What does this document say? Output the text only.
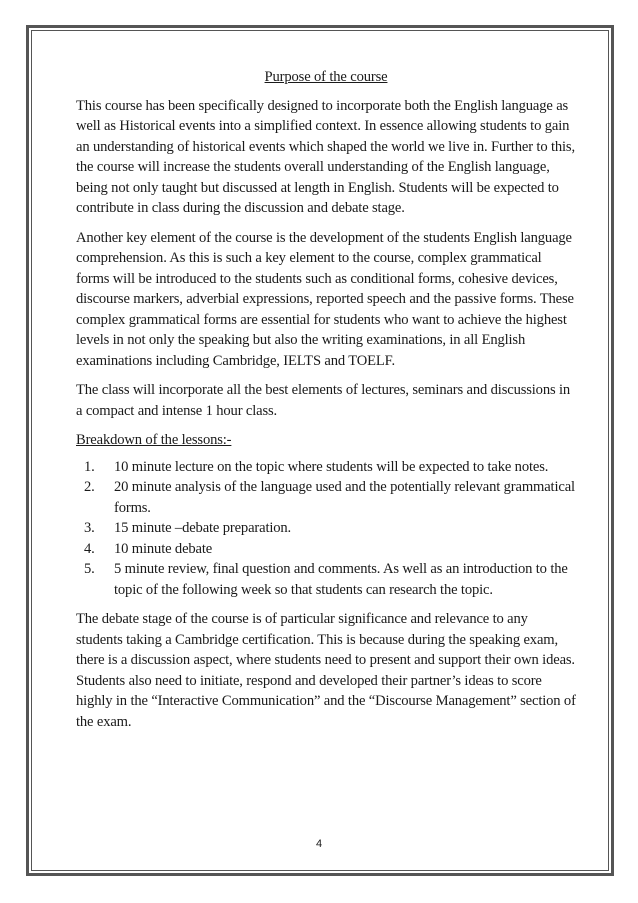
Purpose of the course

This course has been specifically designed to incorporate both the English language as well as Historical events into a simplified context. In essence allowing students to gain an understanding of historical events which shaped the world we live in. Further to this, the course will increase the students overall understanding of the English language, being not only taught but discussed at length in English. Students will be expected to contribute in class during the discussion and debate stage.

Another key element of the course is the development of the students English language comprehension. As this is such a key element to the course, complex grammatical forms will be introduced to the students such as conditional forms, cohesive devices, discourse markers, adverbial expressions, reported speech and the passive forms. These complex grammatical forms are essential for students who want to achieve the highest levels in not only the speaking but also the writing examinations, in all English examinations including Cambridge, IELTS and TOELF.

The class will incorporate all the best elements of lectures, seminars and discussions in a compact and intense 1 hour class.

Breakdown of the lessons:-
1. 10 minute lecture on the topic where students will be expected to take notes.
2. 20 minute analysis of the language used and the potentially relevant grammatical forms.
3. 15 minute –debate preparation.
4. 10 minute debate
5. 5 minute review, final question and comments. As well as an introduction to the topic of the following week so that students can research the topic.

The debate stage of the course is of particular significance and relevance to any students taking a Cambridge certification. This is because during the speaking exam, there is a discussion aspect, where students need to present and support their own ideas. Students also need to initiate, respond and developed their partner’s ideas to score highly in the “Interactive Communication” and the “Discourse Management” section of the exam.

4
